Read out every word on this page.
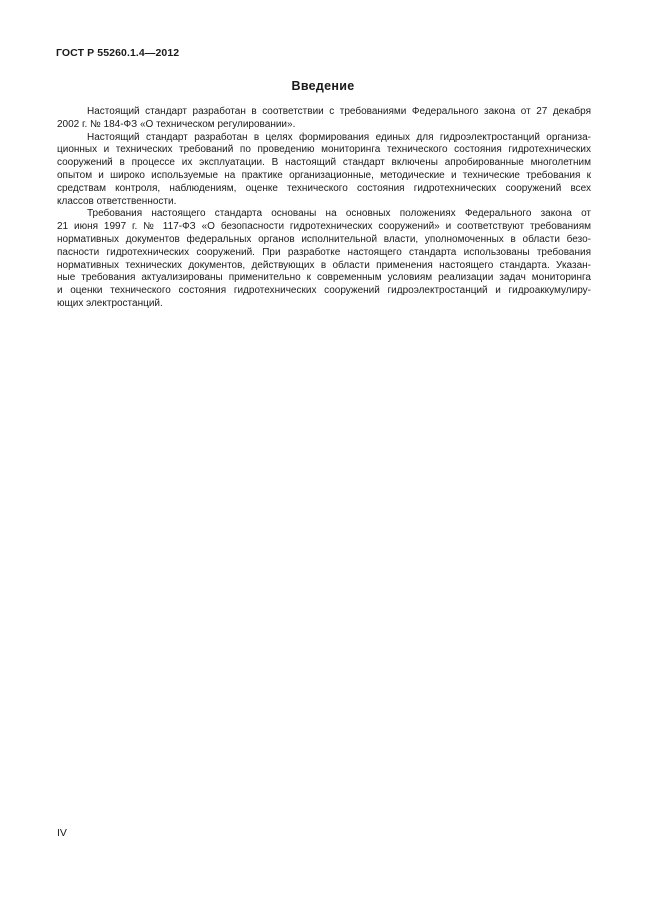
ГОСТ Р 55260.1.4—2012
Введение
Настоящий стандарт разработан в соответствии с требованиями Федерального закона от 27 декабря
2002 г. № 184-ФЗ «О техническом регулировании».
Настоящий стандарт разработан в целях формирования единых для гидроэлектростанций организа-
ционных и технических требований по проведению мониторинга технического состояния гидротехнических
сооружений в процессе их эксплуатации. В настоящий стандарт включены апробированные многолетним
опытом и широко используемые на практике организационные, методические и технические требования к
средствам контроля, наблюдениям, оценке технического состояния гидротехнических сооружений всех
классов ответственности.
Требования настоящего стандарта основаны на основных положениях Федерального закона от
21 июня 1997 г. № 117-ФЗ «О безопасности гидротехнических сооружений» и соответствуют требованиям
нормативных документов федеральных органов исполнительной власти, уполномоченных в области безо-
пасности гидротехнических сооружений. При разработке настоящего стандарта использованы требования
нормативных технических документов, действующих в области применения настоящего стандарта. Указан-
ные требования актуализированы применительно к современным условиям реализации задач мониторинга
и оценки технического состояния гидротехнических сооружений гидроэлектростанций и гидроаккумулиру-
ющих электростанций.
IV
